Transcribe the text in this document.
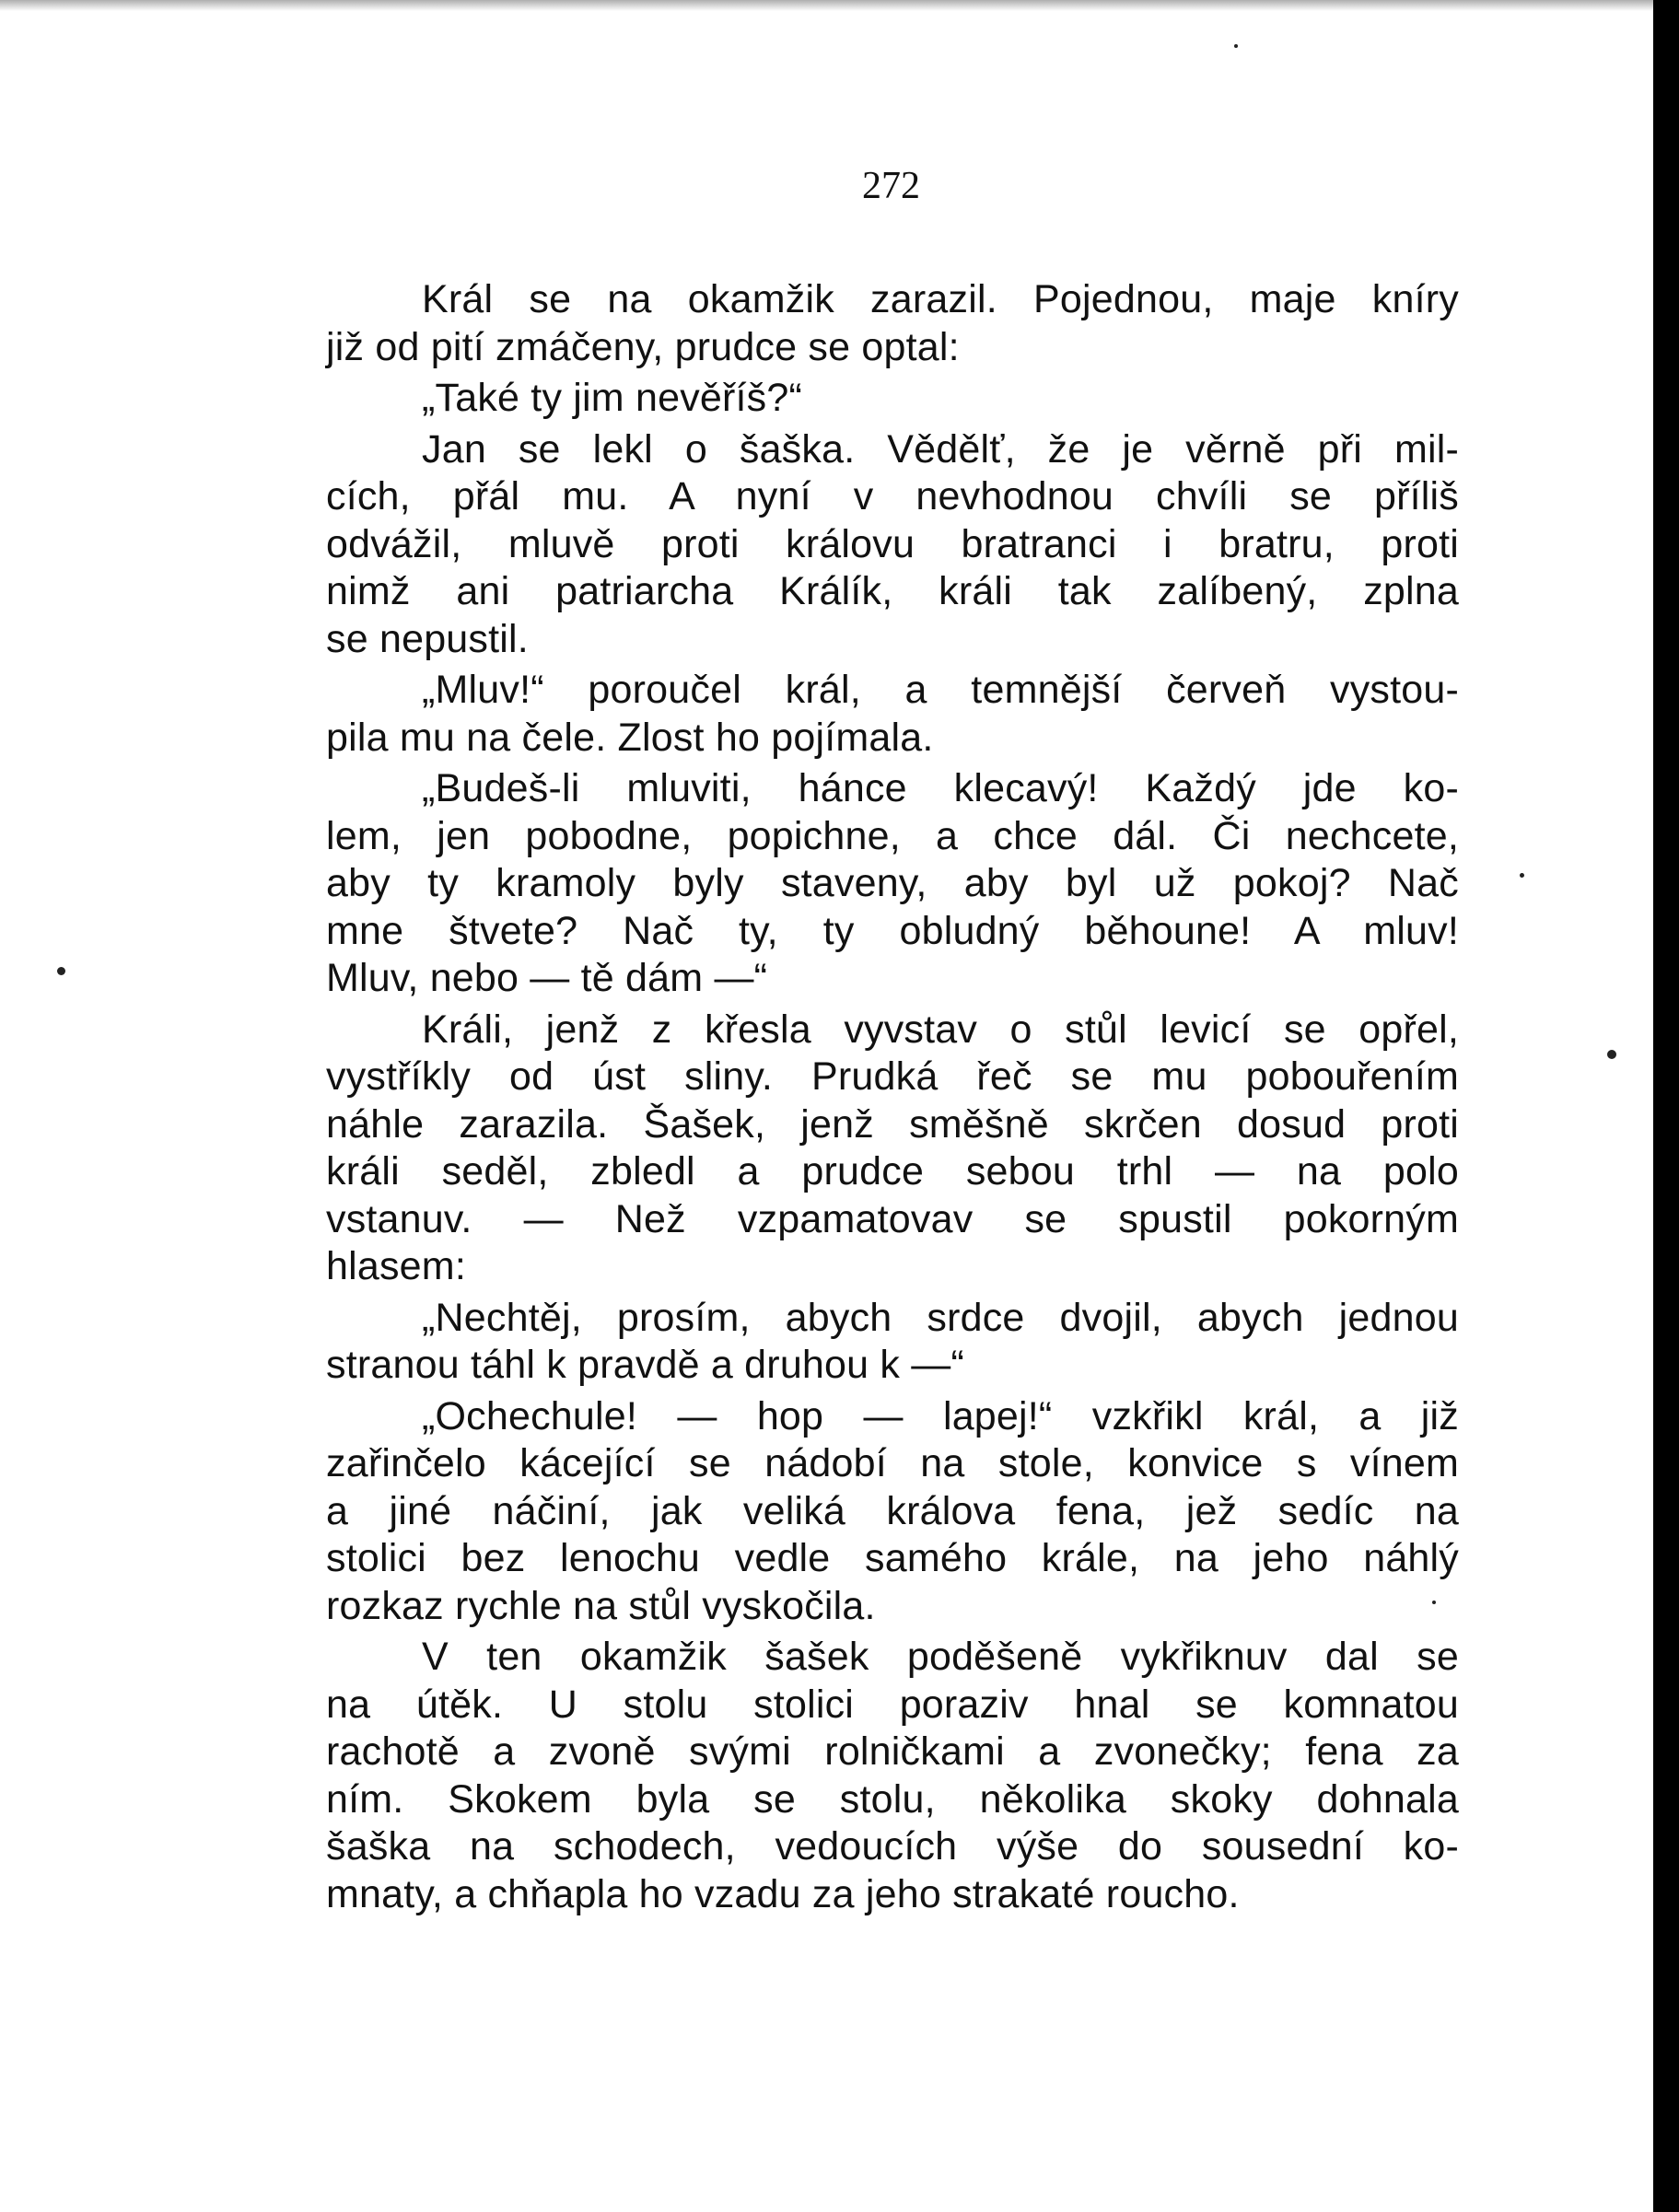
272

Král se na okamžik zarazil. Pojednou, maje kníry
již od pití zmáčeny, prudce se optal:

„Také ty jim nevěříš?“

Jan se lekl o šaška. Vědělť, že je věrně při mil-
cích, přál mu. A nyní v nevhodnou chvíli se příliš
odvážil, mluvě proti královu bratranci i bratru, proti
nimž ani patriarcha Králík, králi tak zalíbený, zplna
se nepustil.

„Mluv!“ poroučel král, a temnější červeň vystou-
pila mu na čele. Zlost ho pojímala.

„Budeš-li mluviti, hánce klecavý! Každý jde ko-
lem, jen pobodne, popichne, a chce dál. Či nechcete,
aby ty kramoly byly staveny, aby byl už pokoj? Nač
mne štvete? Nač ty, ty obludný běhoune! A mluv!
Mluv, nebo — tě dám —“

Králi, jenž z křesla vyvstav o stůl levicí se opřel,
vystříkly od úst sliny. Prudká řeč se mu pobouřením
náhle zarazila. Šašek, jenž směšně skrčen dosud proti
králi seděl, zbledl a prudce sebou trhl — na polo
vstanuv. — Než vzpamatovav se spustil pokorným
hlasem:

„Nechtěj, prosím, abych srdce dvojil, abych jednou
stranou táhl k pravdě a druhou k —“

„Ochechule! — hop — lapej!“ vzkřikl král, a již
zařinčelo kácející se nádobí na stole, konvice s vínem
a jiné náčiní, jak veliká králova fena, jež sedíc na
stolici bez lenochu vedle samého krále, na jeho náhlý
rozkaz rychle na stůl vyskočila.

V ten okamžik šašek poděšeně vykřiknuv dal se
na útěk. U stolu stolici poraziv hnal se komnatou
rachotě a zvoně svými rolničkami a zvonečky; fena za
ním. Skokem byla se stolu, několika skoky dohnala
šaška na schodech, vedoucích výše do sousední ko-
mnaty, a chňapla ho vzadu za jeho strakaté roucho.
